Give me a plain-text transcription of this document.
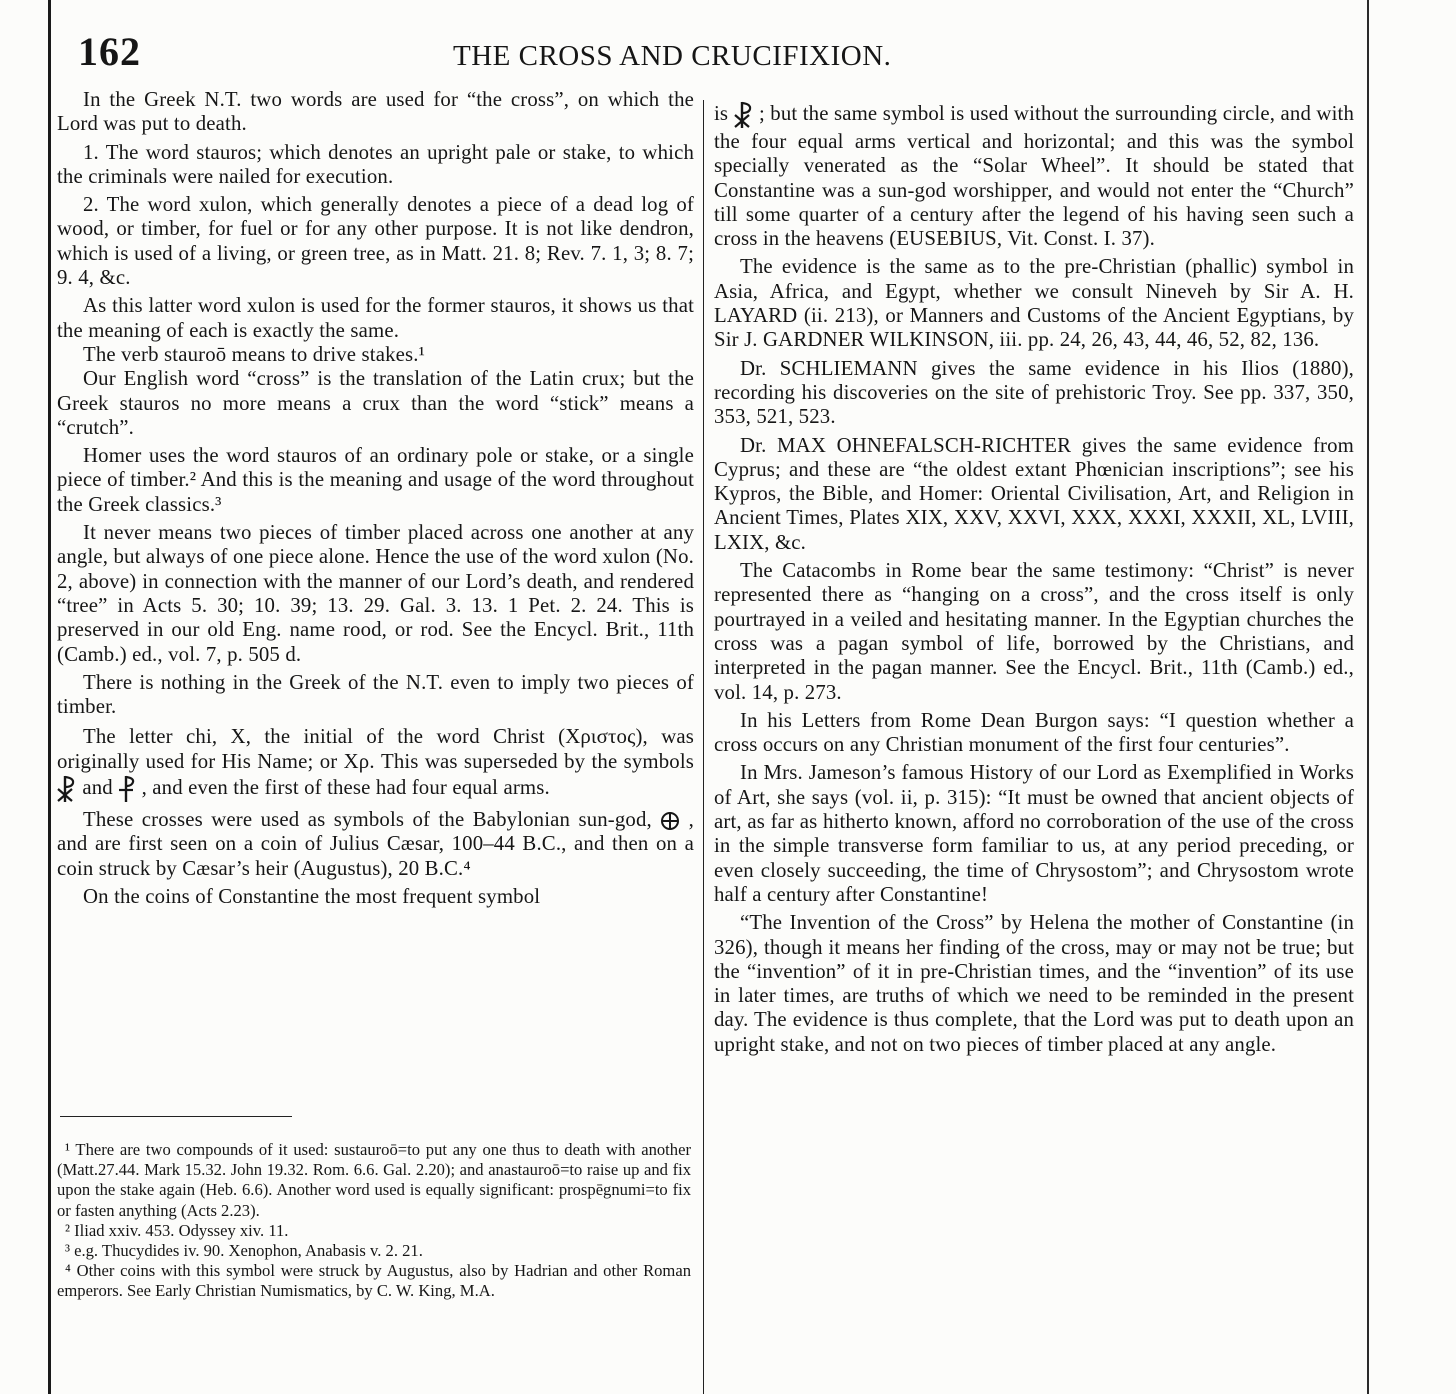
162	THE CROSS AND CRUCIFIXION.

In the Greek N.T. two words are used for “the cross”, on which the Lord was put to death.

1. The word stauros; which denotes an upright pale or stake, to which the criminals were nailed for execution.

2. The word xulon, which generally denotes a piece of a dead log of wood, or timber, for fuel or for any other purpose. It is not like dendron, which is used of a living, or green tree, as in Matt. 21. 8; Rev. 7. 1, 3; 8. 7; 9. 4, &c.

As this latter word xulon is used for the former stauros, it shows us that the meaning of each is exactly the same.

The verb stauroō means to drive stakes.¹

Our English word “cross” is the translation of the Latin crux; but the Greek stauros no more means a crux than the word “stick” means a “crutch”.

Homer uses the word stauros of an ordinary pole or stake, or a single piece of timber.² And this is the meaning and usage of the word throughout the Greek classics.³

It never means two pieces of timber placed across one another at any angle, but always of one piece alone. Hence the use of the word xulon (No. 2, above) in connection with the manner of our Lord’s death, and rendered “tree” in Acts 5. 30; 10. 39; 13. 29. Gal. 3. 13. 1 Pet. 2. 24. This is preserved in our old Eng. name rood, or rod. See the Encycl. Brit., 11th (Camb.) ed., vol. 7, p. 505 d.

There is nothing in the Greek of the N.T. even to imply two pieces of timber.

The letter chi, X, the initial of the word Christ (Χριστος), was originally used for His Name; or Χρ. This was superseded by the symbols  and , and even the first of these had four equal arms.

These crosses were used as symbols of the Babylonian sun-god, , and are first seen on a coin of Julius Cæsar, 100–44 B.C., and then on a coin struck by Cæsar’s heir (Augustus), 20 B.C.⁴

On the coins of Constantine the most frequent symbol

¹ There are two compounds of it used: sustauroō=to put any one thus to death with another (Matt.27.44. Mark 15.32. John 19.32. Rom. 6.6. Gal. 2.20); and anastauroō=to raise up and fix upon the stake again (Heb. 6.6). Another word used is equally significant: prospēgnumi=to fix or fasten anything (Acts 2.23).

² Iliad xxiv. 453. Odyssey xiv. 11.

³ e.g. Thucydides iv. 90. Xenophon, Anabasis v. 2. 21.

⁴ Other coins with this symbol were struck by Augustus, also by Hadrian and other Roman emperors. See Early Christian Numismatics, by C. W. King, M.A.

is ; but the same symbol is used without the surrounding circle, and with the four equal arms vertical and horizontal; and this was the symbol specially venerated as the “Solar Wheel”. It should be stated that Constantine was a sun-god worshipper, and would not enter the “Church” till some quarter of a century after the legend of his having seen such a cross in the heavens (EUSEBIUS, Vit. Const. I. 37).

The evidence is the same as to the pre-Christian (phallic) symbol in Asia, Africa, and Egypt, whether we consult Nineveh by Sir A. H. LAYARD (ii. 213), or Manners and Customs of the Ancient Egyptians, by Sir J. GARDNER WILKINSON, iii. pp. 24, 26, 43, 44, 46, 52, 82, 136.

Dr. SCHLIEMANN gives the same evidence in his Ilios (1880), recording his discoveries on the site of prehistoric Troy. See pp. 337, 350, 353, 521, 523.

Dr. MAX OHNEFALSCH-RICHTER gives the same evidence from Cyprus; and these are “the oldest extant Phœnician inscriptions”; see his Kypros, the Bible, and Homer: Oriental Civilisation, Art, and Religion in Ancient Times, Plates XIX, XXV, XXVI, XXX, XXXI, XXXII, XL, LVIII, LXIX, &c.

The Catacombs in Rome bear the same testimony: “Christ” is never represented there as “hanging on a cross”, and the cross itself is only pourtrayed in a veiled and hesitating manner. In the Egyptian churches the cross was a pagan symbol of life, borrowed by the Christians, and interpreted in the pagan manner. See the Encycl. Brit., 11th (Camb.) ed., vol. 14, p. 273.

In his Letters from Rome Dean Burgon says: “I question whether a cross occurs on any Christian monument of the first four centuries”.

In Mrs. Jameson’s famous History of our Lord as Exemplified in Works of Art, she says (vol. ii, p. 315): “It must be owned that ancient objects of art, as far as hitherto known, afford no corroboration of the use of the cross in the simple transverse form familiar to us, at any period preceding, or even closely succeeding, the time of Chrysostom”; and Chrysostom wrote half a century after Constantine!

“The Invention of the Cross” by Helena the mother of Constantine (in 326), though it means her finding of the cross, may or may not be true; but the “invention” of it in pre-Christian times, and the “invention” of its use in later times, are truths of which we need to be reminded in the present day. The evidence is thus complete, that the Lord was put to death upon an upright stake, and not on two pieces of timber placed at any angle.
